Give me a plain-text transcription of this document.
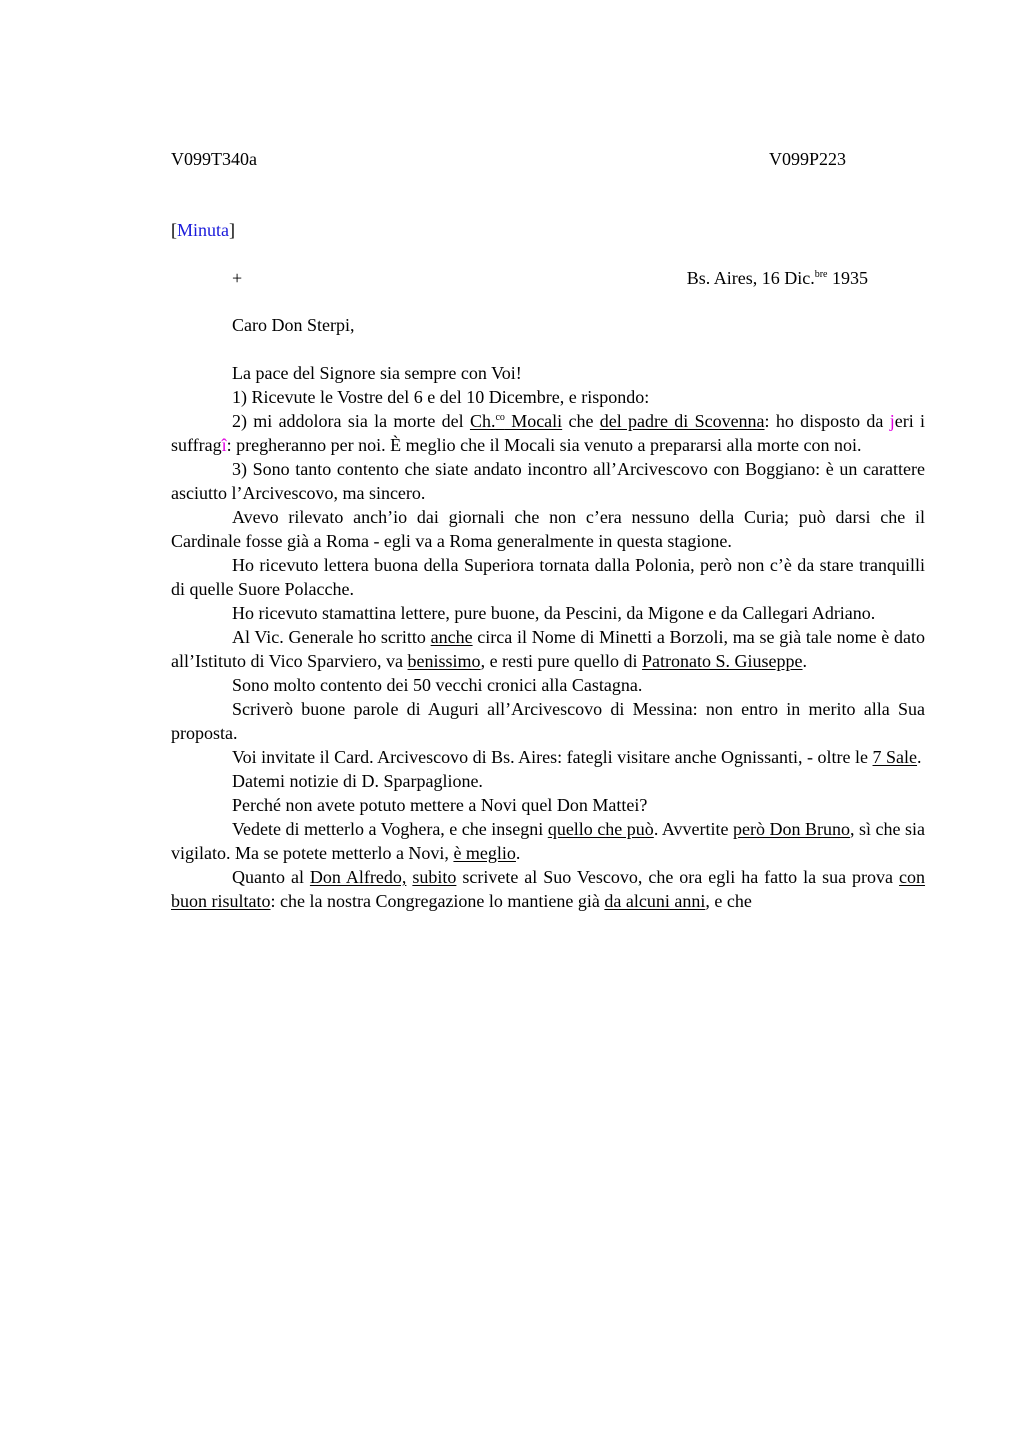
V099T340a	V099P223
[Minuta]
+	Bs. Aires, 16 Dic.$^{bre}$ 1935
Caro Don Sterpi,

La pace del Signore sia sempre con Voi!

1) Ricevute le Vostre del 6 e del 10 Dicembre, e rispondo:

2) mi addolora sia la morte del Ch.$^{co}$ Mocali che del padre di Scovenna: ho disposto da jeri i suffragî: pregheranno per noi. È meglio che il Mocali sia venuto a prepararsi alla morte con noi.

3) Sono tanto contento che siate andato incontro all’Arcivescovo con Boggiano: è un carattere asciutto l’Arcivescovo, ma sincero.

Avevo rilevato anch’io dai giornali che non c’era nessuno della Curia; può darsi che il Cardinale fosse già a Roma - egli va a Roma generalmente in questa stagione.

Ho ricevuto lettera buona della Superiora tornata dalla Polonia, però non c’è da stare tranquilli di quelle Suore Polacche.

Ho ricevuto stamattina lettere, pure buone, da Pescini, da Migone e da Callegari Adriano.

Al Vic. Generale ho scritto anche circa il Nome di Minetti a Borzoli, ma se già tale nome è dato all’Istituto di Vico Sparviero, va benissimo, e resti pure quello di Patronato S. Giuseppe.

Sono molto contento dei 50 vecchi cronici alla Castagna.

Scriverò buone parole di Auguri all’Arcivescovo di Messina: non entro in merito alla Sua proposta.

Voi invitate il Card. Arcivescovo di Bs. Aires: fategli visitare anche Ognissanti, - oltre le 7 Sale.

Datemi notizie di D. Sparpaglione.

Perché non avete potuto mettere a Novi quel Don Mattei?

Vedete di metterlo a Voghera, e che insegni quello che può. Avvertite però Don Bruno, sì che sia vigilato. Ma se potete metterlo a Novi, è meglio.

Quanto al Don Alfredo, subito scrivete al Suo Vescovo, che ora egli ha fatto la sua prova con buon risultato: che la nostra Congregazione lo mantiene già da alcuni anni, e che
